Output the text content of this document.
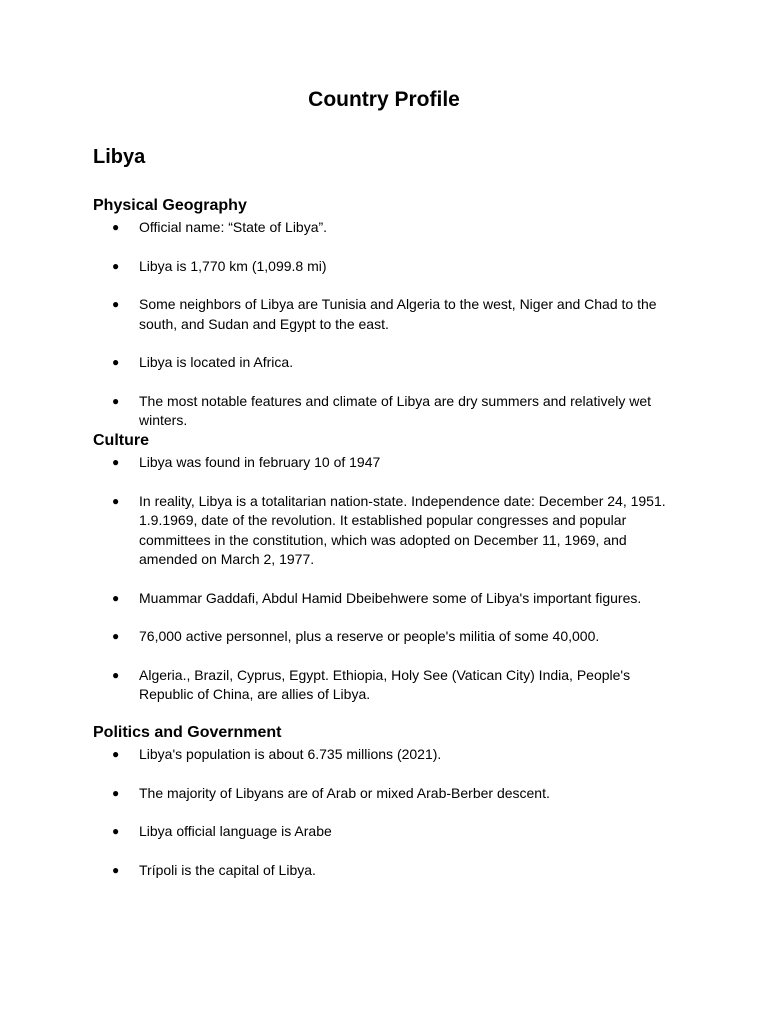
Country Profile
Libya
Physical Geography
● Official name: “State of Libya”.
● Libya is 1,770 km (1,099.8 mi)
● Some neighbors of Libya are Tunisia and Algeria to the west, Niger and Chad to the south, and Sudan and Egypt to the east.
● Libya is located in Africa.
● The most notable features and climate of Libya are dry summers and relatively wet winters.
Culture
● Libya was found in february 10 of 1947
● In reality, Libya is a totalitarian nation-state. Independence date: December 24, 1951. 1.9.1969, date of the revolution. It established popular congresses and popular committees in the constitution, which was adopted on December 11, 1969, and amended on March 2, 1977.
● Muammar Gaddafi, Abdul Hamid Dbeibehwere some of Libya's important figures.
● 76,000 active personnel, plus a reserve or people's militia of some 40,000.
● Algeria., Brazil, Cyprus, Egypt. Ethiopia, Holy See (Vatican City) India, People's Republic of China, are allies of Libya.
Politics and Government
● Libya's population is about 6.735 millions (2021).
● The majority of Libyans are of Arab or mixed Arab-Berber descent.
● Libya official language is Arabe
● Trípoli is the capital of Libya.
